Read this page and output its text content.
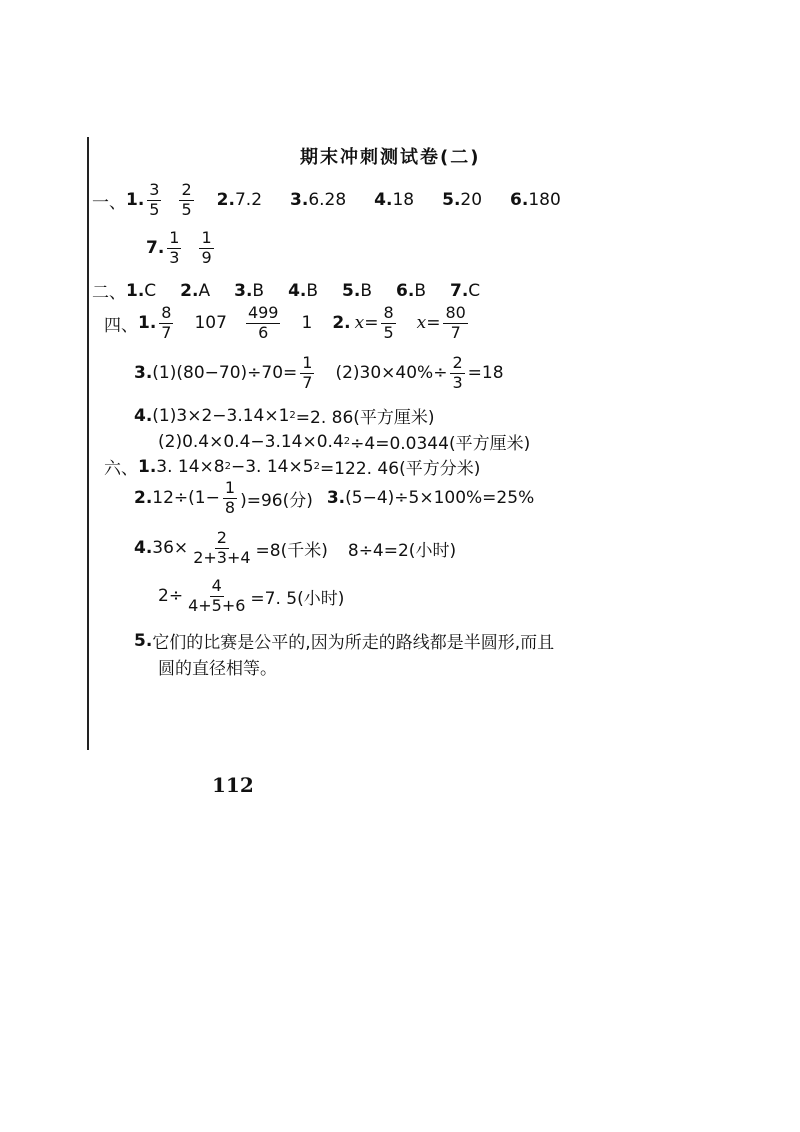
期末冲刺测试卷(二)
一、 1. $\frac{3}{5} \frac{2}{5} 2$. 7.2 3. 6.28 4. 18 5. 20 6. 180
7. $\frac{1}{3} \frac{1}{9}$
二、 1. C 2. A 3. B 4. B 5. B 6. B 7. C
四、 1. $\frac{8}{7} 107 \frac{499}{6} 1$ 2. $x = \frac{8}{5}$ $x = \frac{80}{7}$
3. $(1)(80-70)\div 70= \frac{1}{7} (2)30\times 40\%\div \frac{2}{3} =18$
4. (1)3×2−3.14×1 2 =2. 86(平方厘米)
(2)0.4×0.4−3.14×0.4 2 ÷4=0.0344(平方厘米)
六、 1. 3. 14×8 2 −3. 14×5 2 =122. 46(平方分米)
2. $12\div(1- \frac{1}{8} )=96$(分) 3. (5−4)÷5×100%=25%
4. $36\times \frac{2}{2+3+4} =8$(千米) 8÷4=2(小时)
$2\div \frac{4}{4+5+6} =7$. 5(小时)
5. 它们的比赛是公平的,因为所走的路线都是半圆形,而且
圆的直径相等。
112
